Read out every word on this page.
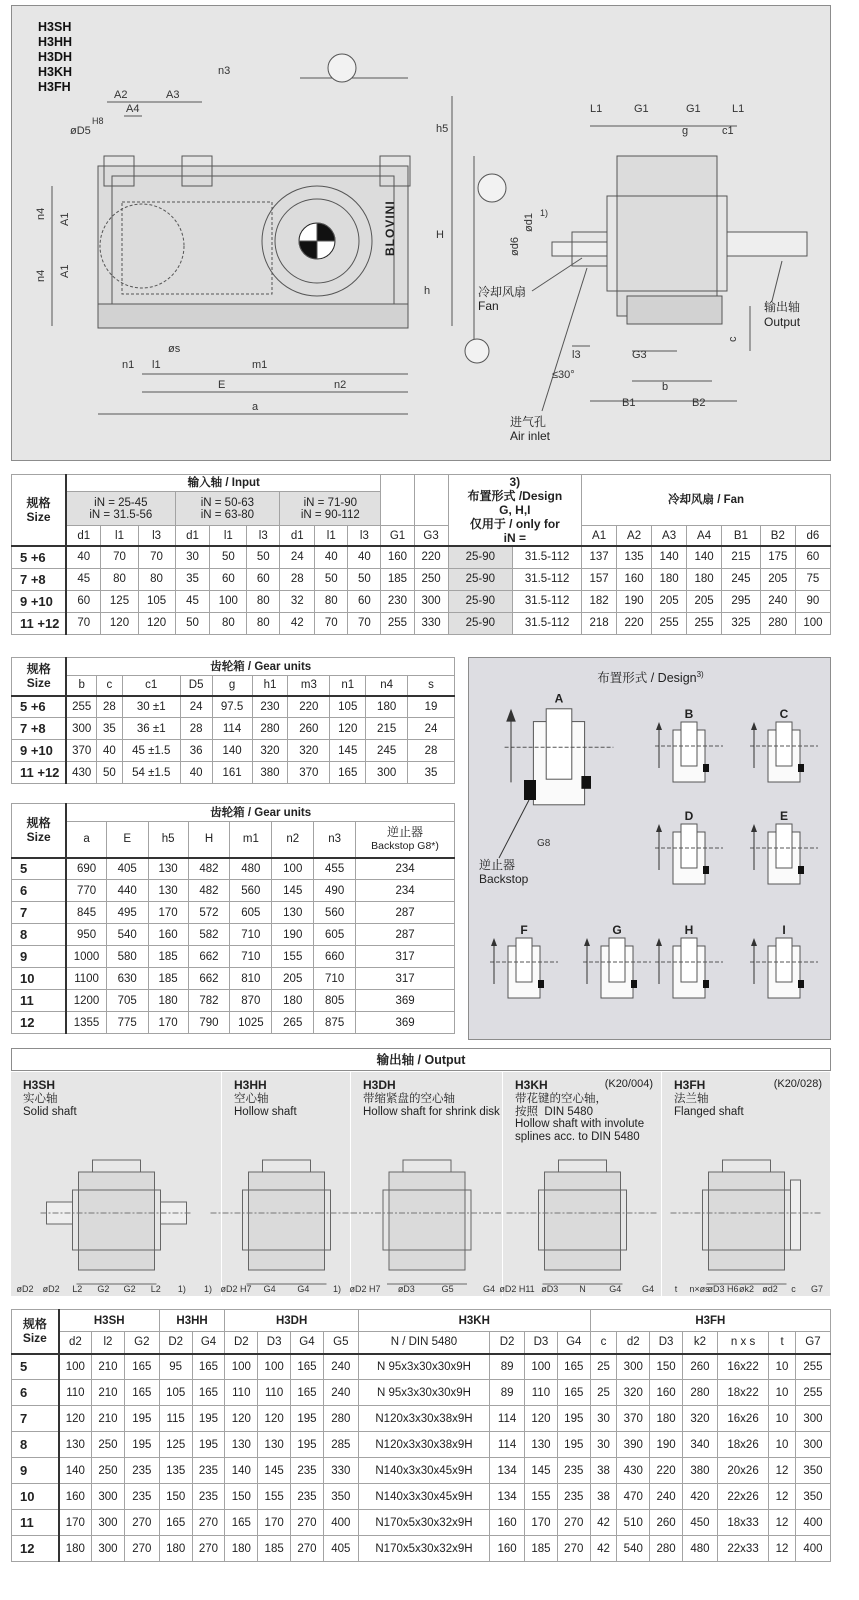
H3SH
H3HH
H3DH
H3KH
H3FH
BLOVINI
n3
A2	A3
A4
H8
øD5
n4 A1
n4 A1
h5
H
h
n1 l1
øs
m1
E	n2
a
L1	G1	G1	L1
g	c1
ød1
ød6
l3	G3
b
B1	B2
c
1)
≤30°
冷却风扇
Fan	输出轴
Output
进气孔
Air inlet
规格
Size	输入轴 / Input											3)
布置形式 /Design
G, H,I
仅用于 / only for
iN =		冷却风扇 / Fan						
	iN = 25-45
iN = 31.5-56			iN = 50-63
iN = 63-80			iN = 71-90
iN = 90-112													
	d1	l1	l3	d1	l1	l3	d1	l1	l3	G1	G3			A1	A2	A3	A4	B1	B2	d6
5 +6	40	70	70	30	50	50	24	40	40	160	220	25-90	31.5-112	137	135	140	140	215	175	60
7 +8	45	80	80	35	60	60	28	50	50	185	250	25-90	31.5-112	157	160	180	180	245	205	75
9 +10	60	125	105	45	100	80	32	80	60	230	300	25-90	31.5-112	182	190	205	205	295	240	90
11 +12	70	120	120	50	80	80	42	70	70	255	330	25-90	31.5-112	218	220	255	255	325	280	100
规格
Size	齿轮箱 / Gear units									
	b	c	c1	D5	g	h1	m3	n1	n4	s
5 +6	255	28	30 ±1	24	97.5	230	220	105	180	19
7 +8	300	35	36 ±1	28	114	280	260	120	215	24
9 +10	370	40	45 ±1.5	36	140	320	320	145	245	28
11 +12	430	50	54 ±1.5	40	161	380	370	165	300	35
规格
Size	齿轮箱 / Gear units							
	a	E	h5	H	m1	n2	n3	逆止器
Backstop G8*)
5	690	405	130	482	480	100	455	234
6	770	440	130	482	560	145	490	234
7	845	495	170	572	605	130	560	287
8	950	540	160	582	710	190	605	287
9	1000	580	185	662	710	155	660	317
10	1100	630	185	662	810	205	710	317
11	1200	705	180	782	870	180	805	369
12	1355	775	170	790	1025	265	875	369
布置形式 / Design$^{3)}$
A
B	C
D	E
F	G	H	I
G8
逆止器
Backstop
输出轴 / Output
øD2 øD2 L2 G2 G2 L2 1) 1)
H3SH
实心轴
Solid shaft
øD2 H7 G4 G4	1)
H3HH
空心轴
Hollow shaft
øD2 H7 øD3	G5	G4
H3DH
带缩紧盘的空心轴
Hollow shaft for shrink disk
øD2 H11 øD3 N	G4 G4
H3KH
带花键的空心轴，
按照  DIN 5480
Hollow shaft with involute
splines acc. to DIN 5480
(K20/004)
t n×øs
øD3 H6 øk2 ød2 c G7
H3FH
法兰轴
Flanged shaft
(K20/028)
规格
Size	H3SH			H3HH		H3DH				H3KH				H3FH						
	d2	l2	G2	D2	G4	D2	D3	G4	G5	N / DIN 5480	D2	D3	G4	c	d2	D3	k2	n x s	t	G7
5	100	210	165	95	165	100	100	165	240	N 95x3x30x30x9H	89	100	165	25	300	150	260	16x22	10	255
6	110	210	165	105	165	110	110	165	240	N 95x3x30x30x9H	89	110	165	25	320	160	280	18x22	10	255
7	120	210	195	115	195	120	120	195	280	N120x3x30x38x9H	114	120	195	30	370	180	320	16x26	10	300
8	130	250	195	125	195	130	130	195	285	N120x3x30x38x9H	114	130	195	30	390	190	340	18x26	10	300
9	140	250	235	135	235	140	145	235	330	N140x3x30x45x9H	134	145	235	38	430	220	380	20x26	12	350
10	160	300	235	150	235	150	155	235	350	N140x3x30x45x9H	134	155	235	38	470	240	420	22x26	12	350
11	170	300	270	165	270	165	170	270	400	N170x5x30x32x9H	160	170	270	42	510	260	450	18x33	12	400
12	180	300	270	180	270	180	185	270	405	N170x5x30x32x9H	160	185	270	42	540	280	480	22x33	12	400
